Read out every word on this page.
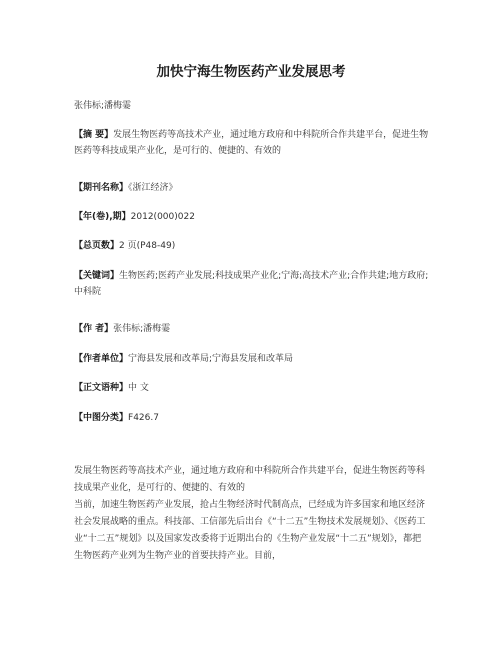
加快宁海生物医药产业发展思考
张伟标;潘梅霎
【摘 要】发展生物医药等高技术产业，通过地方政府和中科院所合作共建平台，促进生物医药等科技成果产业化，是可行的、便捷的、有效的
【期刊名称】《浙江经济》
【年(卷),期】2012(000)022
【总页数】2 页(P48-49)
【关键词】生物医药;医药产业发展;科技成果产业化;宁海;高技术产业;合作共建;地方政府;中科院
【作 者】张伟标;潘梅霎
【作者单位】宁海县发展和改革局;宁海县发展和改革局
【正文语种】中 文
【中图分类】F426.7

发展生物医药等高技术产业，通过地方政府和中科院所合作共建平台，促进生物医药等科技成果产业化，是可行的、便捷的、有效的

当前，加速生物医药产业发展，抢占生物经济时代制高点，已经成为许多国家和地区经济社会发展战略的重点。科技部、工信部先后出台《“十二五”生物技术发展规划》、《医药工业“十二五”规划》以及国家发改委将于近期出台的《生物产业发展“十二五”规划》，都把生物医药产业列为生物产业的首要扶持产业。目前，
